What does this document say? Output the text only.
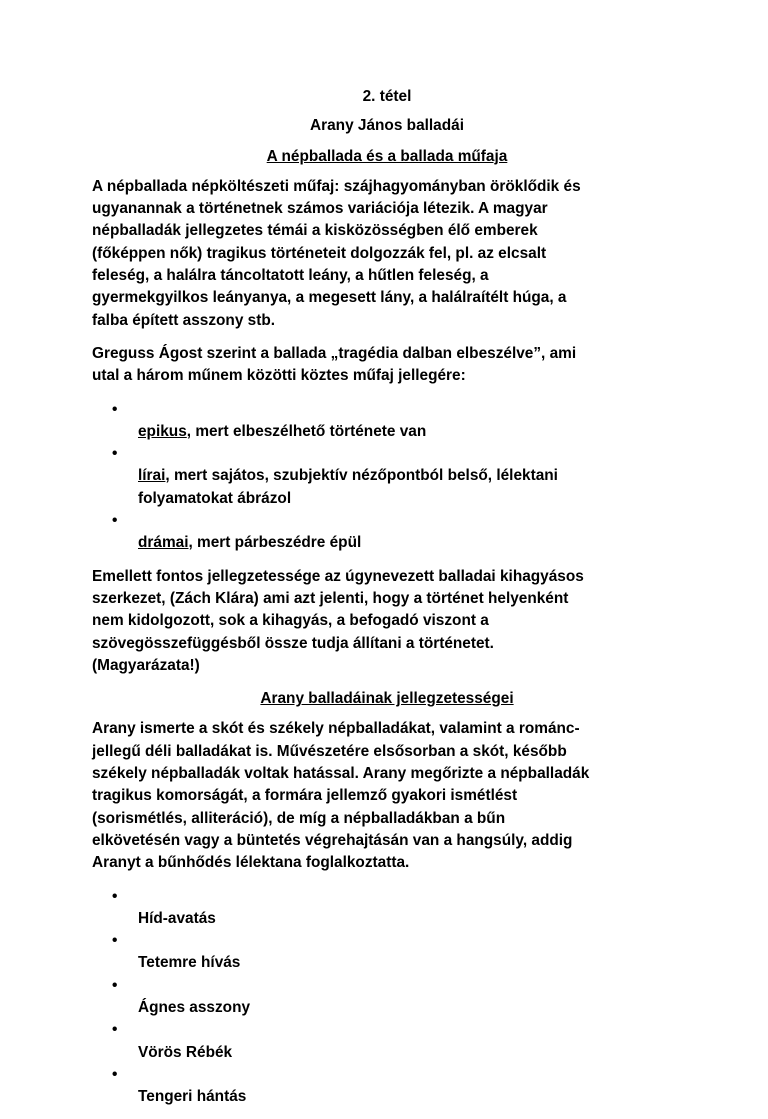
2. tétel
Arany János balladái
A népballada és a ballada műfaja

A népballada népköltészeti műfaj: szájhagyományban öröklődik és
ugyanannak a történetnek számos variációja létezik. A magyar
népballadák jellegzetes témái a kisközösségben élő emberek
(főképpen nők) tragikus történeteit dolgozzák fel, pl. az elcsalt
feleség, a halálra táncoltatott leány, a hűtlen feleség, a
gyermekgyilkos leányanya, a megesett lány, a halálraítélt húga, a
falba épített asszony stb.

Greguss Ágost szerint a ballada „tragédia dalban elbeszélve”, ami
utal a három műnem közötti köztes műfaj jellegére:

•
epikus, mert elbeszélhető története van

•
lírai, mert sajátos, szubjektív nézőpontból belső, lélektani
folyamatokat ábrázol

•
drámai, mert párbeszédre épül

Emellett fontos jellegzetessége az úgynevezett balladai kihagyásos
szerkezet, (Zách Klára) ami azt jelenti, hogy a történet helyenként
nem kidolgozott, sok a kihagyás, a befogadó viszont a
szövegösszefüggésből össze tudja állítani a történetet.
(Magyarázata!)

Arany balladáinak jellegzetességei

Arany ismerte a skót és székely népballadákat, valamint a románc-
jellegű déli balladákat is. Művészetére elsősorban a skót, később
székely népballadák voltak hatással. Arany megőrizte a népballadák
tragikus komorságát, a formára jellemző gyakori ismétlést
(sorismétlés, alliteráció), de míg a népballadákban a bűn
elkövetésén vagy a büntetés végrehajtásán van a hangsúly, addig
Aranyt a bűnhődés lélektana foglalkoztatta.

•
Híd-avatás

•
Tetemre hívás

•
Ágnes asszony

•
Vörös Rébék

•
Tengeri hántás
